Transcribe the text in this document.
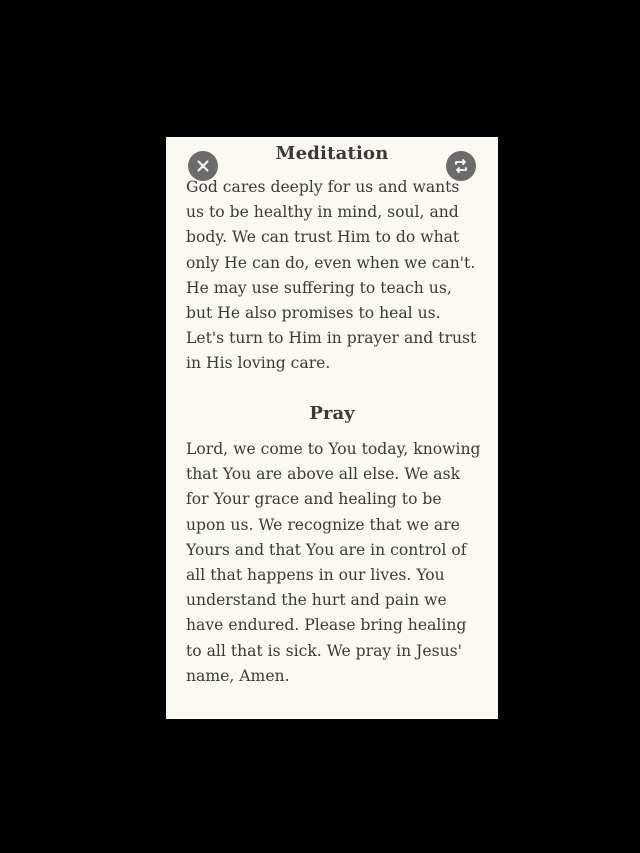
Meditation
God cares deeply for us and wants us to be healthy in mind, soul, and body. We can trust Him to do what only He can do, even when we can't. He may use suffering to teach us, but He also promises to heal us. Let's turn to Him in prayer and trust in His loving care.
Pray
Lord, we come to You today, knowing that You are above all else. We ask for Your grace and healing to be upon us. We recognize that we are Yours and that You are in control of all that happens in our lives. You understand the hurt and pain we have endured. Please bring healing to all that is sick. We pray in Jesus' name, Amen.
